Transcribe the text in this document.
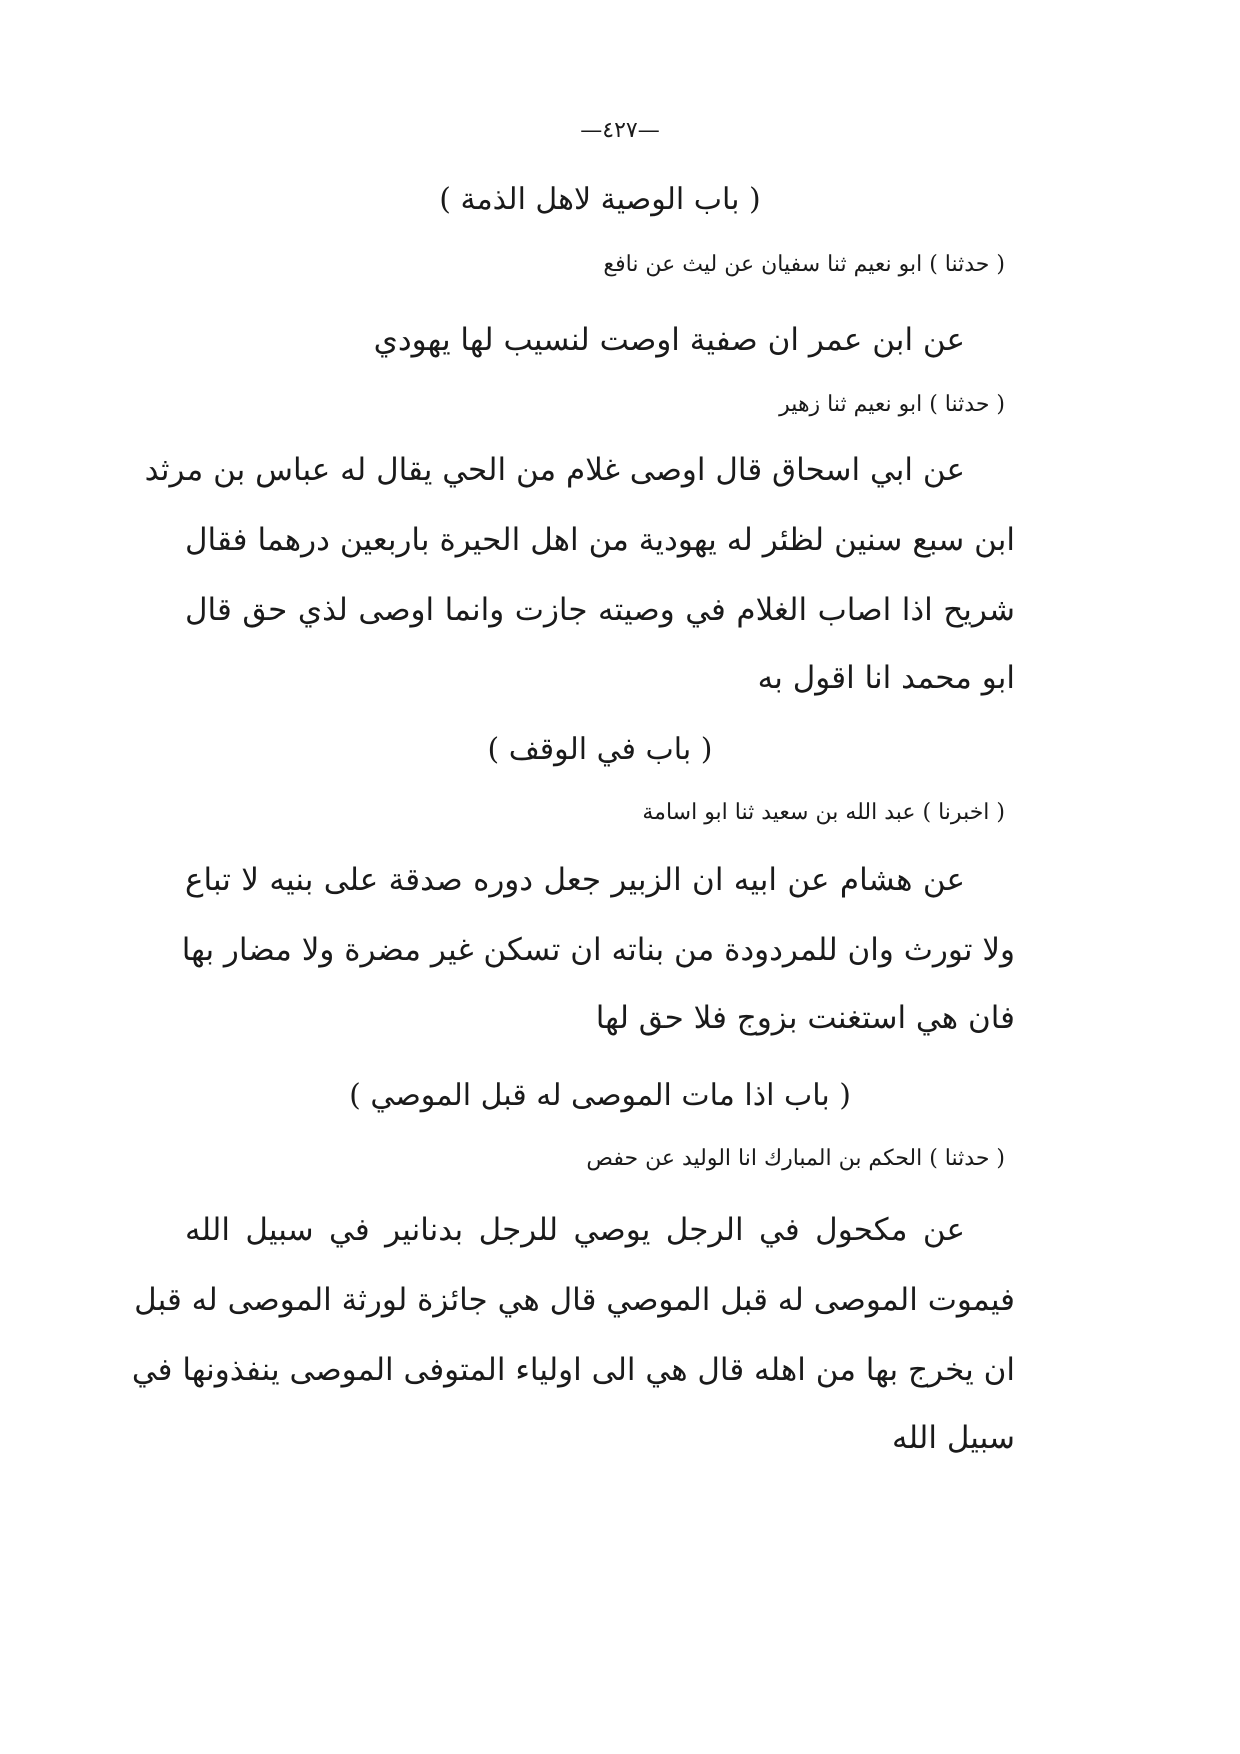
—٤٢٧—
( باب الوصية لاهل الذمة )
( حدثنا ) ابو نعيم ثنا سفيان عن ليث عن نافع
عن ابن عمر ان صفية اوصت لنسيب لها يهودي
( حدثنا ) ابو نعيم ثنا زهير
عن ابي اسحاق قال اوصى غلام من الحي يقال له عباس بن مرثد
ابن سبع سنين لظئر له يهودية من اهل الحيرة باربعين درهما فقال
شريح اذا اصاب الغلام في وصيته جازت وانما اوصى لذي حق قال
ابو محمد انا اقول به
( باب في الوقف )
( اخبرنا ) عبد الله بن سعيد ثنا ابو اسامة
عن هشام عن ابيه ان الزبير جعل دوره صدقة على بنيه لا تباع
ولا تورث وان للمردودة من بناته ان تسكن غير مضرة ولا مضار بها
فان هي استغنت بزوج فلا حق لها
( باب اذا مات الموصى له قبل الموصي )
( حدثنا ) الحكم بن المبارك انا الوليد عن حفص
عن مكحول في الرجل يوصي للرجل بدنانير في سبيل الله
فيموت الموصى له قبل الموصي قال هي جائزة لورثة الموصى له قبل
ان يخرج بها من اهله قال هي الى اولياء المتوفى الموصى ينفذونها في
سبيل الله
